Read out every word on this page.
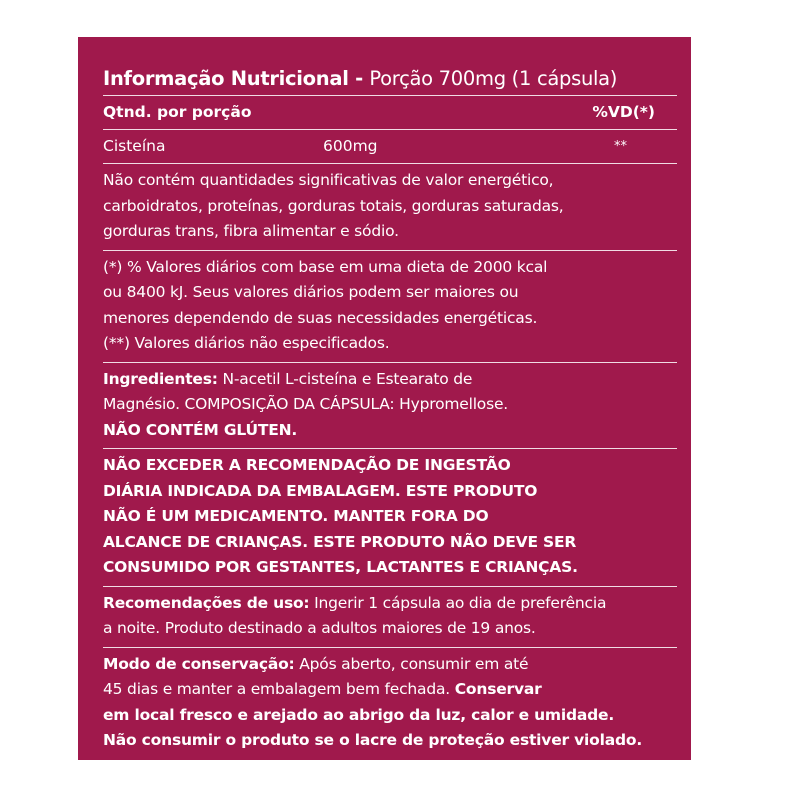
Informação Nutricional - Porção 700mg (1 cápsula)
Qtnd. por porção	%VD(*)
Cisteína	600mg	**
Não contém quantidades significativas de valor energético,
carboidratos, proteínas, gorduras totais, gorduras saturadas,
gorduras trans, fibra alimentar e sódio.
(*) % Valores diários com base em uma dieta de 2000 kcal
ou 8400 kJ. Seus valores diários podem ser maiores ou
menores dependendo de suas necessidades energéticas.
(**) Valores diários não especificados.
Ingredientes: N-acetil L-cisteína e Estearato de
Magnésio. COMPOSIÇÃO DA CÁPSULA: Hypromellose.
NÃO CONTÉM GLÚTEN.
NÃO EXCEDER A RECOMENDAÇÃO DE INGESTÃO
DIÁRIA INDICADA DA EMBALAGEM. ESTE PRODUTO
NÃO É UM MEDICAMENTO. MANTER FORA DO
ALCANCE DE CRIANÇAS. ESTE PRODUTO NÃO DEVE SER
CONSUMIDO POR GESTANTES, LACTANTES E CRIANÇAS.
Recomendações de uso: Ingerir 1 cápsula ao dia de preferência
a noite. Produto destinado a adultos maiores de 19 anos.
Modo de conservação: Após aberto, consumir em até
45 dias e manter a embalagem bem fechada. Conservar
em local fresco e arejado ao abrigo da luz, calor e umidade.
Não consumir o produto se o lacre de proteção estiver violado.
